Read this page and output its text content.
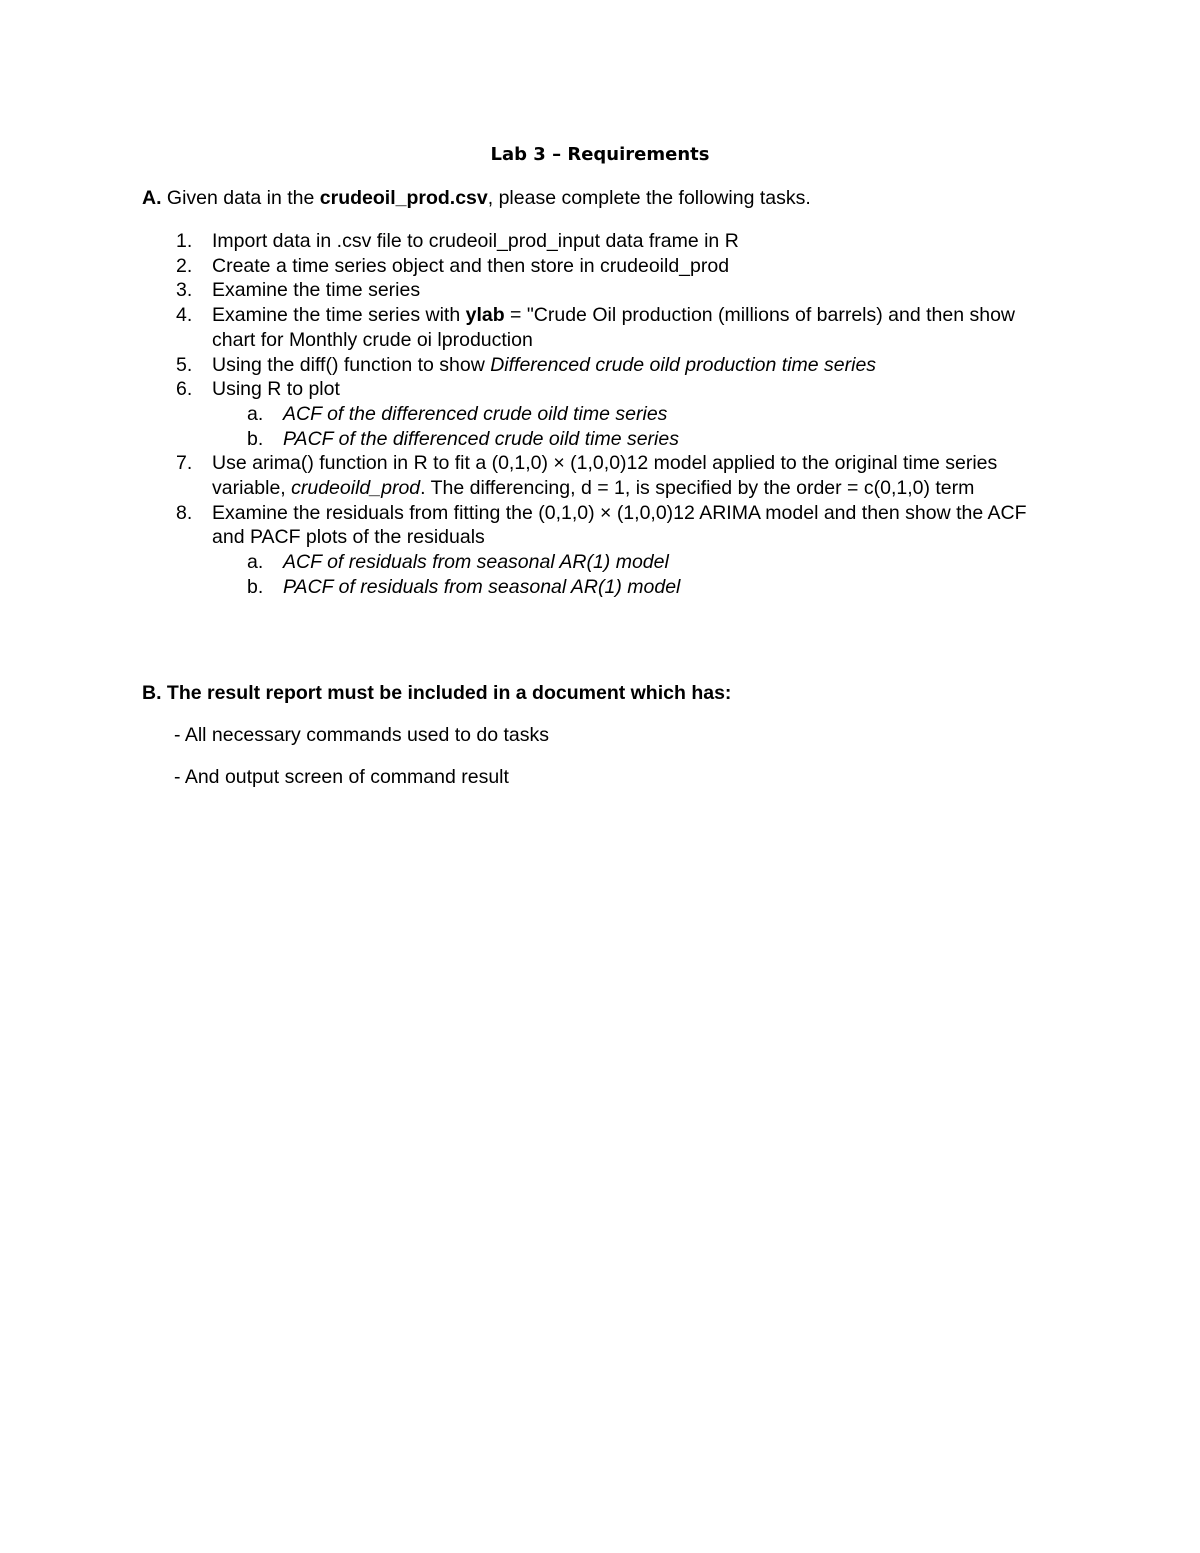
Lab 3 – Requirements
A. Given data in the crudeoil_prod.csv, please complete the following tasks.
1. Import data in .csv file to crudeoil_prod_input data frame in R
2. Create a time series object and then store in crudeoild_prod
3. Examine the time series
4. Examine the time series with ylab = "Crude Oil production (millions of barrels) and then show chart for Monthly crude oi lproduction
5. Using the diff() function to show Differenced crude oild production time series
6. Using R to plot
a. ACF of the differenced crude oild time series
b. PACF of the differenced crude oild time series
7. Use arima() function in R to fit a (0,1,0) × (1,0,0)12 model applied to the original time series variable, crudeoild_prod. The differencing, d = 1, is specified by the order = c(0,1,0) term
8. Examine the residuals from fitting the (0,1,0) × (1,0,0)12 ARIMA model and then show the ACF and PACF plots of the residuals
a. ACF of residuals from seasonal AR(1) model
b. PACF of residuals from seasonal AR(1) model
B. The result report must be included in a document which has:
- All necessary commands used to do tasks
- And output screen of command result
